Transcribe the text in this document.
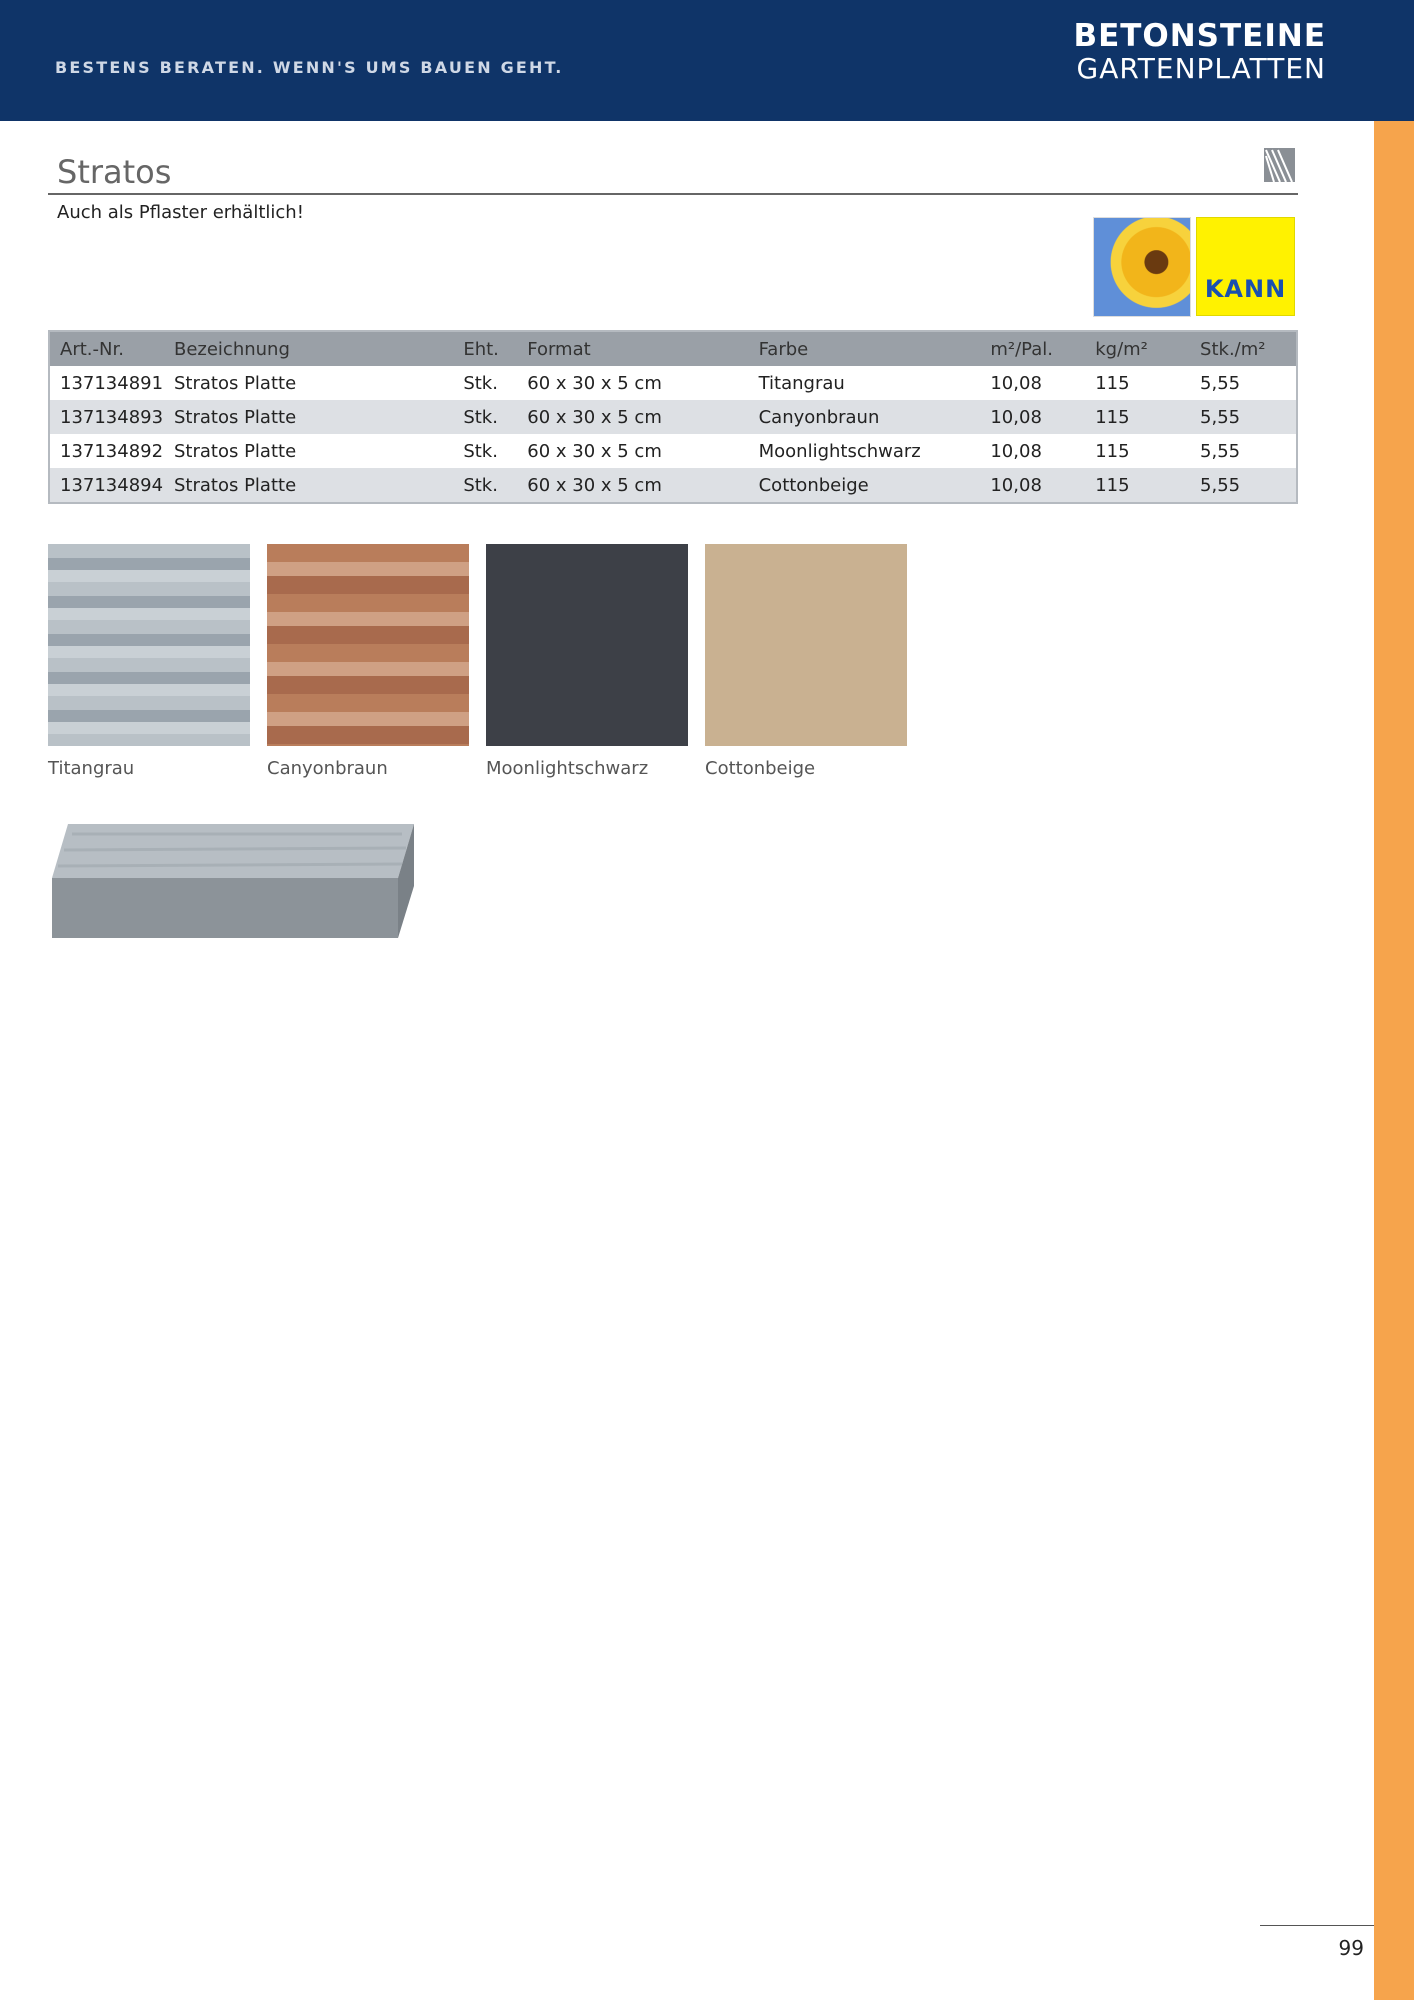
BESTENS BERATEN. WENN'S UMS BAUEN GEHT.
BETONSTEINE
GARTENPLATTEN
Stratos
Auch als Pflaster erhältlich!
KANN
Art.-Nr.	Bezeichnung	Eht.	Format	Farbe	m²/Pal.	kg/m²	Stk./m²
137134891	Stratos Platte	Stk.	60 x 30 x 5 cm	Titangrau	10,08	115	5,55
137134893	Stratos Platte	Stk.	60 x 30 x 5 cm	Canyonbraun	10,08	115	5,55
137134892	Stratos Platte	Stk.	60 x 30 x 5 cm	Moonlightschwarz	10,08	115	5,55
137134894	Stratos Platte	Stk.	60 x 30 x 5 cm	Cottonbeige	10,08	115	5,55
Titangrau	Canyonbraun	Moonlightschwarz	Cottonbeige
99
